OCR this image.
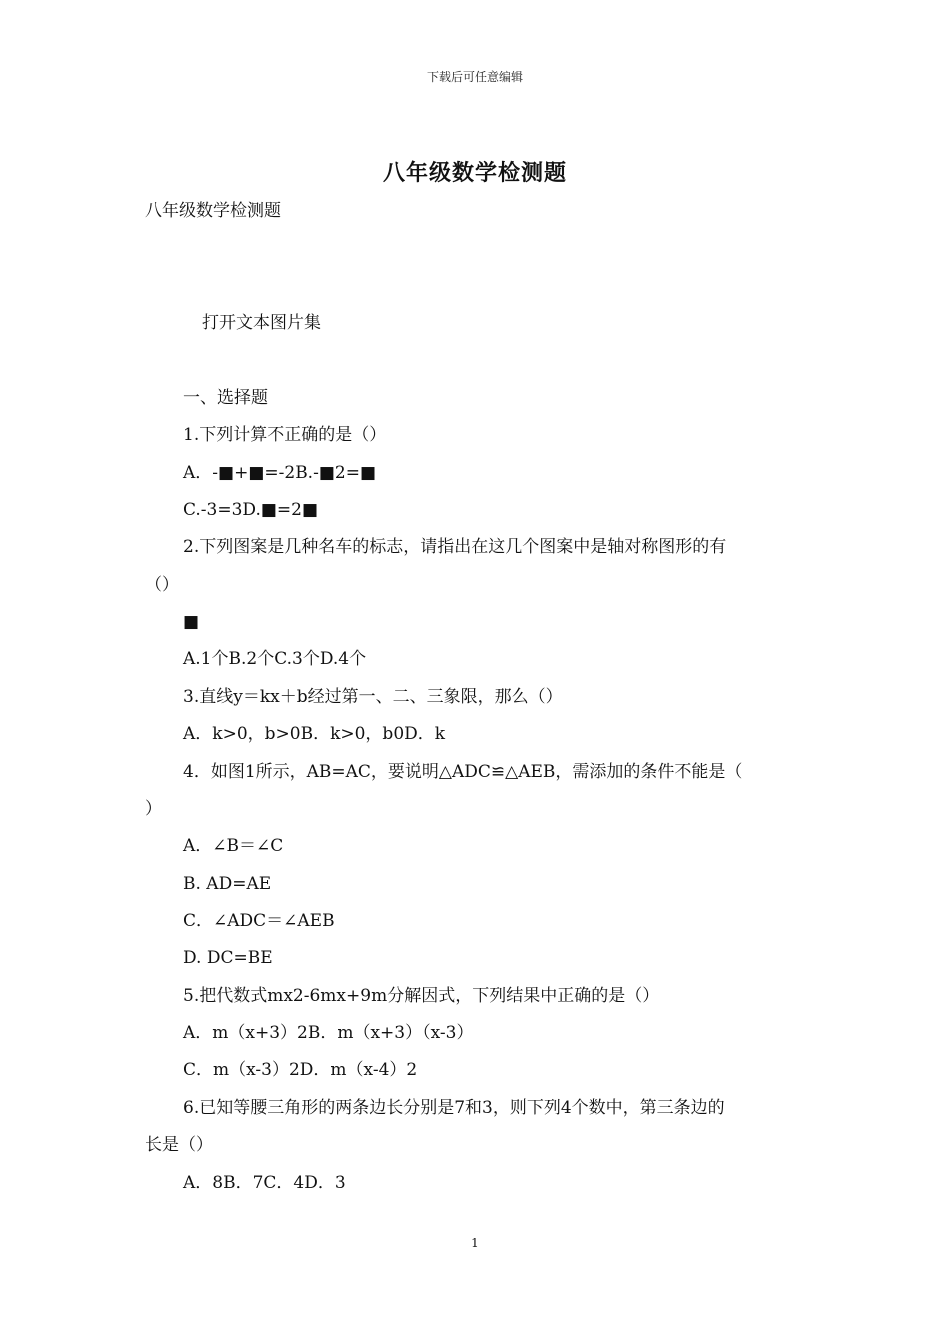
下载后可任意编辑
八年级数学检测题
八年级数学检测题
打开文本图片集
一、选择题
1.下列计算不正确的是（）
A．-■+■=-2B.-■2=■
C.-3=3D.■=2■
2.下列图案是几种名车的标志，请指出在这几个图案中是轴对称图形的有
（）
■
A.1个B.2个C.3个D.4个
3.直线y＝kx＋b经过第一、二、三象限，那么（）
A．k>0，b>0B．k>0，b0D．k
4．如图1所示，AB=AC，要说明△ADC≌△AEB，需添加的条件不能是（
）
A．∠B＝∠C
B. AD=AE
C．∠ADC＝∠AEB
D. DC=BE
5.把代数式mx2-6mx+9m分解因式，下列结果中正确的是（）
A．m（x+3）2B．m（x+3）（x-3）
C．m（x-3）2D．m（x-4）2
6.已知等腰三角形的两条边长分别是7和3，则下列4个数中，第三条边的
长是（）
A．8B．7C．4D．3
1
